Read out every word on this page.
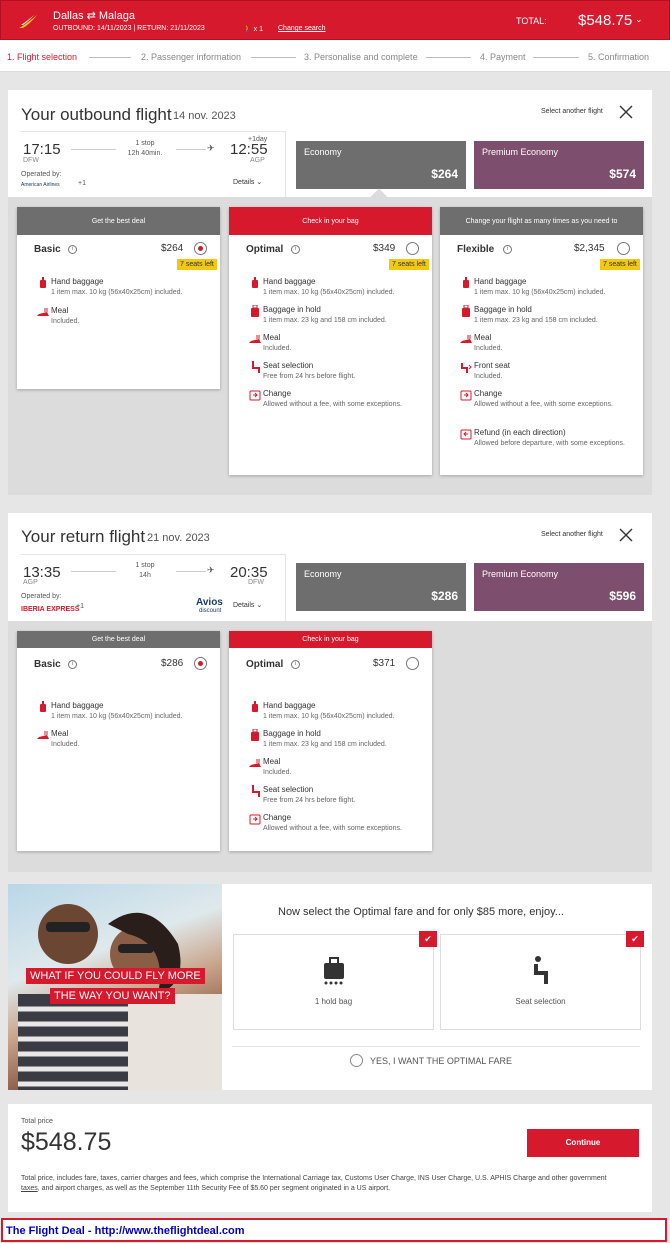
Dallas ⇄ Malaga
OUTBOUND: 14/11/2023 | RETURN: 21/11/2023	🚶 x 1 Change search
TOTAL: $548.75 ⌄
1. Flight selection	2. Passenger information	3. Personalise and complete	4. Payment	5. Confirmation
Your outbound flight 14 nov. 2023	Select another flight
17:15
DFW
1 stop
12h 40min.
✈
+1day
12:55
AGP
Operated by:
American Airlines	+1	Details ⌄
Economy
$264
Premium Economy
$574
Get the best deal
Basic	i	$264
7 seats left
Hand baggage
1 item max. 10 kg (56x40x25cm) included.
Meal
Included.
Check in your bag
Optimal	i	$349
7 seats left
Hand baggage
1 item max. 10 kg (56x40x25cm) included.
Baggage in hold
1 item max. 23 kg and 158 cm included.
Meal
Included.
Seat selection
Free from 24 hrs before flight.
Change
Allowed without a fee, with some exceptions.
Change your flight as many times as you need to
Flexible	i	$2,345
7 seats left
Hand baggage
1 item max. 10 kg (56x40x25cm) included.
Baggage in hold
1 item max. 23 kg and 158 cm included.
Meal
Included.
Front seat
Included.
Change
Allowed without a fee, with some exceptions.
Refund (in each direction)
Allowed before departure, with some exceptions.
Your return flight 21 nov. 2023	Select another flight
13:35
AGP
1 stop
14h
✈ 20:35
DFW
Operated by:
IBERIA EXPRESS
+1	Avios
discount
Details ⌄
Economy
$286
Premium Economy
$596
Get the best deal
Basic	i	$286
Hand baggage
1 item max. 10 kg (56x40x25cm) included.
Meal
Included.
Check in your bag
Optimal	i	$371
Hand baggage
1 item max. 10 kg (56x40x25cm) included.
Baggage in hold
1 item max. 23 kg and 158 cm included.
Meal
Included.
Seat selection
Free from 24 hrs before flight.
Change
Allowed without a fee, with some exceptions.
WHAT IF YOU COULD FLY MORE
THE WAY YOU WANT?
Now select the Optimal fare and for only $85 more, enjoy...
✔
1 hold bag
✔
Seat selection
YES, I WANT THE OPTIMAL FARE
Total price
$548.75	Continue
Total price, includes fare, taxes, carrier charges and fees, which comprise the International Carriage tax, Customs User Charge, INS User Charge, U.S. APHIS Charge and other government taxes, and airport charges, as well as the September 11th Security Fee of $5.60 per segment originated in a US airport.
The Flight Deal - http://www.theflightdeal.com
